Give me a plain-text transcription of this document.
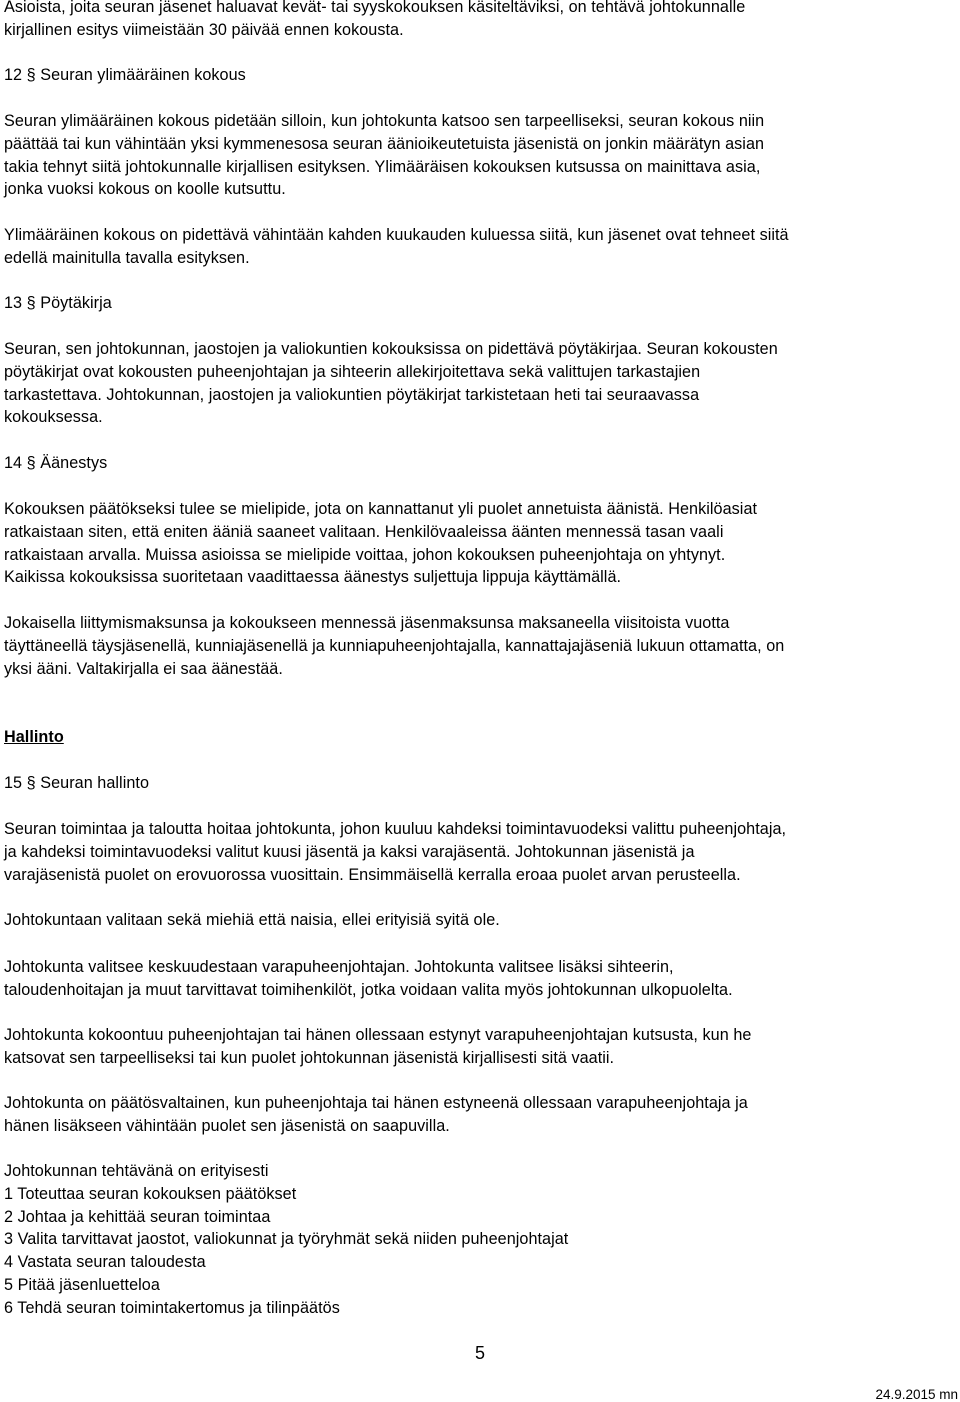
Asioista, joita seuran jäsenet haluavat kevät- tai syyskokouksen käsiteltäviksi, on tehtävä johtokunnalle

kirjallinen esitys viimeistään 30 päivää ennen kokousta.

12 § Seuran ylimääräinen kokous

Seuran ylimääräinen kokous pidetään silloin, kun johtokunta katsoo sen tarpeelliseksi, seuran kokous niin

päättää tai kun vähintään yksi kymmenesosa seuran äänioikeutetuista jäsenistä on jonkin määrätyn asian

takia tehnyt siitä johtokunnalle kirjallisen esityksen. Ylimääräisen kokouksen kutsussa on mainittava asia,

jonka vuoksi kokous on koolle kutsuttu.

Ylimääräinen kokous on pidettävä vähintään kahden kuukauden kuluessa siitä, kun jäsenet ovat tehneet siitä

edellä mainitulla tavalla esityksen.

13 § Pöytäkirja

Seuran, sen johtokunnan, jaostojen ja valiokuntien kokouksissa on pidettävä pöytäkirjaa. Seuran kokousten

pöytäkirjat ovat kokousten puheenjohtajan ja sihteerin allekirjoitettava sekä valittujen tarkastajien

tarkastettava. Johtokunnan, jaostojen ja valiokuntien pöytäkirjat tarkistetaan heti tai seuraavassa

kokouksessa.

14 § Äänestys

Kokouksen päätökseksi tulee se mielipide, jota on kannattanut yli puolet annetuista äänistä. Henkilöasiat

ratkaistaan siten, että eniten ääniä saaneet valitaan. Henkilövaaleissa äänten mennessä tasan vaali

ratkaistaan arvalla. Muissa asioissa se mielipide voittaa, johon kokouksen puheenjohtaja on yhtynyt.

Kaikissa kokouksissa suoritetaan vaadittaessa äänestys suljettuja lippuja käyttämällä.

Jokaisella liittymismaksunsa ja kokoukseen mennessä jäsenmaksunsa maksaneella viisitoista vuotta

täyttäneellä täysjäsenellä, kunniajäsenellä ja kunniapuheenjohtajalla, kannattajajäseniä lukuun ottamatta, on

yksi ääni. Valtakirjalla ei saa äänestää.

Hallinto

15 § Seuran hallinto

Seuran toimintaa ja taloutta hoitaa johtokunta, johon kuuluu kahdeksi toimintavuodeksi valittu puheenjohtaja,

ja kahdeksi toimintavuodeksi valitut kuusi jäsentä ja kaksi varajäsentä. Johtokunnan jäsenistä ja

varajäsenistä puolet on erovuorossa vuosittain. Ensimmäisellä kerralla eroaa puolet arvan perusteella.

Johtokuntaan valitaan sekä miehiä että naisia, ellei erityisiä syitä ole.

Johtokunta valitsee keskuudestaan varapuheenjohtajan. Johtokunta valitsee lisäksi sihteerin,

taloudenhoitajan ja muut tarvittavat toimihenkilöt, jotka voidaan valita myös johtokunnan ulkopuolelta.

Johtokunta kokoontuu puheenjohtajan tai hänen ollessaan estynyt varapuheenjohtajan kutsusta, kun he

katsovat sen tarpeelliseksi tai kun puolet johtokunnan jäsenistä kirjallisesti sitä vaatii.

Johtokunta on päätösvaltainen, kun puheenjohtaja tai hänen estyneenä ollessaan varapuheenjohtaja ja

hänen lisäkseen vähintään puolet sen jäsenistä on saapuvilla.

Johtokunnan tehtävänä on erityisesti

1 Toteuttaa seuran kokouksen päätökset

2 Johtaa ja kehittää seuran toimintaa

3 Valita tarvittavat jaostot, valiokunnat ja työryhmät sekä niiden puheenjohtajat

4 Vastata seuran taloudesta

5 Pitää jäsenluetteloa

6 Tehdä seuran toimintakertomus ja tilinpäätös

5
24.9.2015 mn
